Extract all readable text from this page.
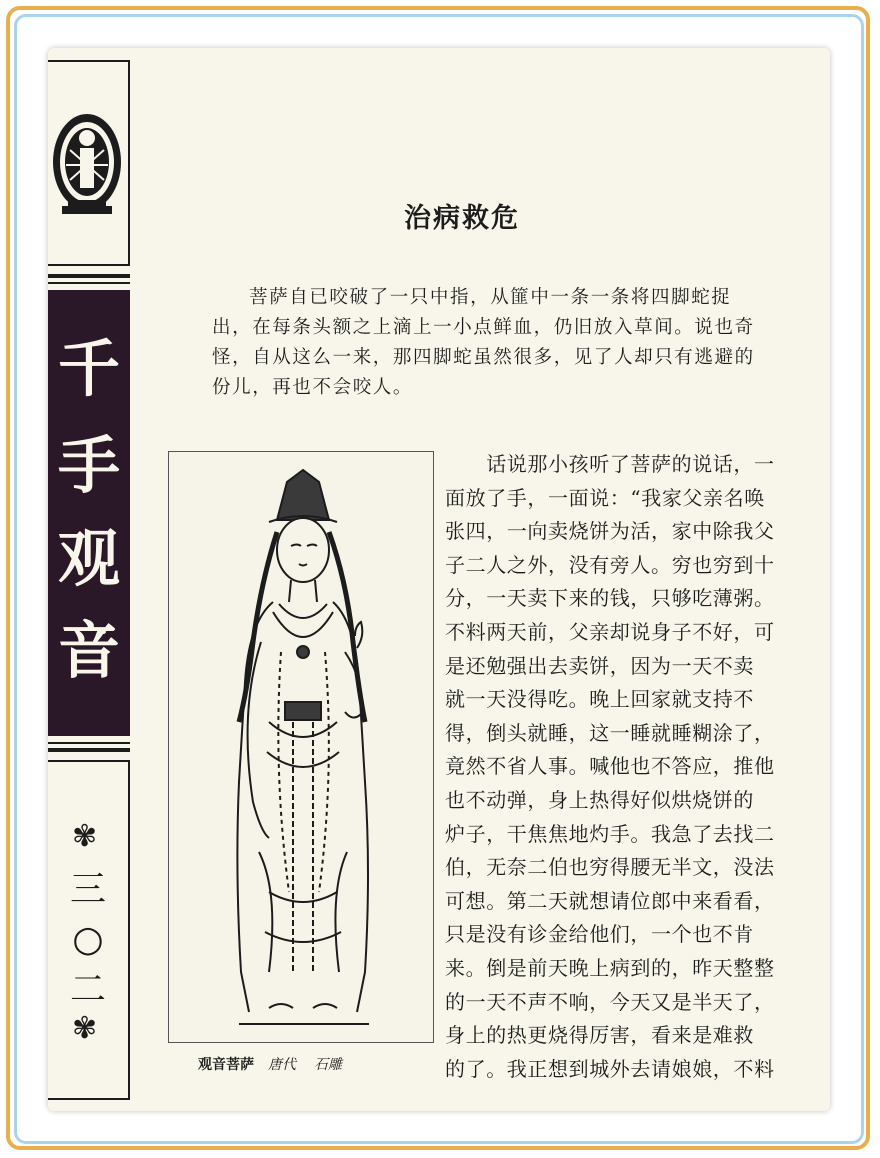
千
手
观
音
✾
三
○
二
✾
治病救危
菩萨自已咬破了一只中指，从篚中一条一条将四脚蛇捉出，在每条头额之上滴上一小点鲜血，仍旧放入草间。说也奇怪，自从这么一来，那四脚蛇虽然很多，见了人却只有逃避的份儿，再也不会咬人。
观音菩萨 唐代 石雕
　　话说那小孩听了菩萨的说话，一
面放了手，一面说：“我家父亲名唤
张四，一向卖烧饼为活，家中除我父
子二人之外，没有旁人。穷也穷到十
分，一天卖下来的钱，只够吃薄粥。
不料两天前，父亲却说身子不好，可
是还勉强出去卖饼，因为一天不卖
就一天没得吃。晚上回家就支持不
得，倒头就睡，这一睡就睡糊涂了，
竟然不省人事。喊他也不答应，推他
也不动弹，身上热得好似烘烧饼的
炉子，干焦焦地灼手。我急了去找二
伯，无奈二伯也穷得腰无半文，没法
可想。第二天就想请位郎中来看看，
只是没有诊金给他们，一个也不肯
来。倒是前天晚上病到的，昨天整整
的一天不声不响，今天又是半天了，
身上的热更烧得厉害，看来是难救
的了。我正想到城外去请娘娘，不料
